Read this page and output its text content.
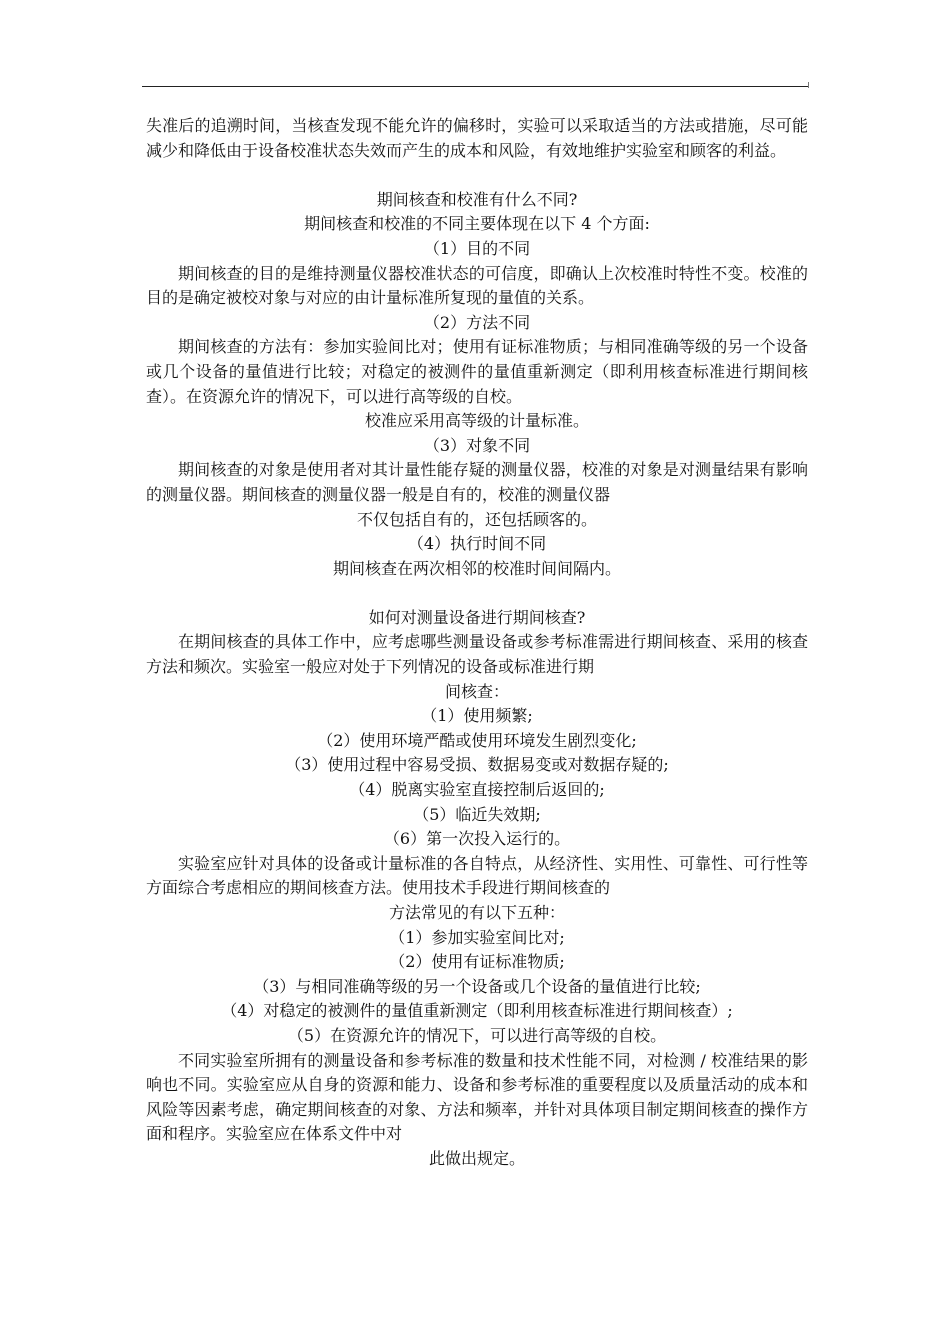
失准后的追溯时间，当核查发现不能允许的偏移时，实验可以采取适当的方法或措施，尽可能减少和降低由于设备校准状态失效而产生的成本和风险，有效地维护实验室和顾客的利益。

期间核查和校准有什么不同?

期间核查和校准的不同主要体现在以下 4 个方面:

（1）目的不同

期间核查的目的是维持测量仪器校准状态的可信度，即确认上次校准时特性不变。校准的目的是确定被校对象与对应的由计量标准所复现的量值的关系。

（2）方法不同

期间核查的方法有：参加实验间比对；使用有证标准物质；与相同准确等级的另一个设备或几个设备的量值进行比较；对稳定的被测件的量值重新测定（即利用核查标准进行期间核查）。在资源允许的情况下，可以进行高等级的自校。

校准应采用高等级的计量标准。

（3）对象不同

期间核查的对象是使用者对其计量性能存疑的测量仪器，校准的对象是对测量结果有影响的测量仪器。期间核查的测量仪器一般是自有的，校准的测量仪器

不仅包括自有的，还包括顾客的。

（4）执行时间不同

期间核查在两次相邻的校准时间间隔内。

如何对测量设备进行期间核查?

在期间核查的具体工作中，应考虑哪些测量设备或参考标准需进行期间核查、采用的核查方法和频次。实验室一般应对处于下列情况的设备或标准进行期

间核查：

（1）使用频繁;

（2）使用环境严酷或使用环境发生剧烈变化;

（3）使用过程中容易受损、数据易变或对数据存疑的;

（4）脱离实验室直接控制后返回的;

（5）临近失效期;

（6）第一次投入运行的。

实验室应针对具体的设备或计量标准的各自特点，从经济性、实用性、可靠性、可行性等方面综合考虑相应的期间核查方法。使用技术手段进行期间核查的

方法常见的有以下五种：

（1）参加实验室间比对;

（2）使用有证标准物质;

（3）与相同准确等级的另一个设备或几个设备的量值进行比较;

（4）对稳定的被测件的量值重新测定（即利用核查标准进行期间核查）;

（5）在资源允许的情况下，可以进行高等级的自校。

不同实验室所拥有的测量设备和参考标准的数量和技术性能不同，对检测 / 校准结果的影响也不同。实验室应从自身的资源和能力、设备和参考标准的重要程度以及质量活动的成本和风险等因素考虑，确定期间核查的对象、方法和频率，并针对具体项目制定期间核查的操作方面和程序。实验室应在体系文件中对

此做出规定。
